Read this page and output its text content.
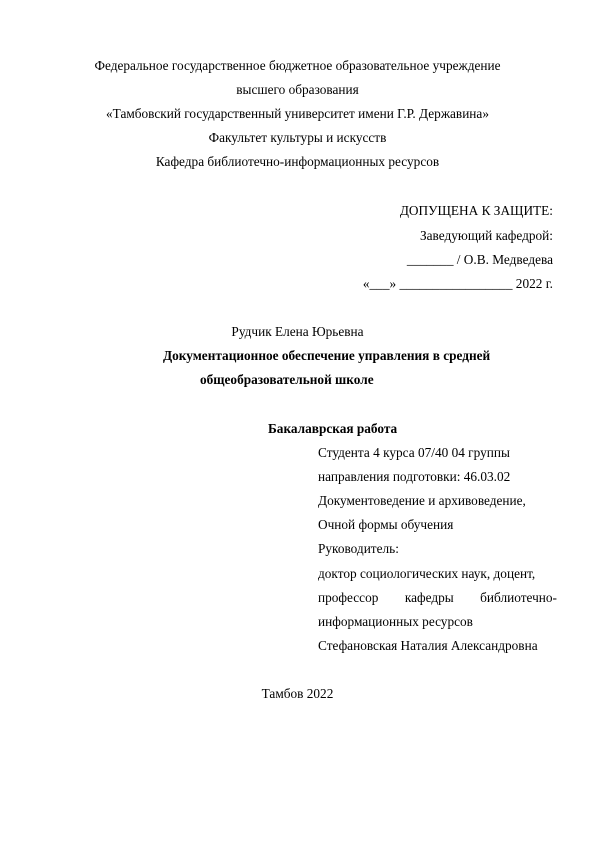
Федеральное государственное бюджетное образовательное учреждение
высшего образования
«Тамбовский государственный университет имени Г.Р. Державина»
Факультет культуры и искусств
Кафедра библиотечно-информационных ресурсов
ДОПУЩЕНА К ЗАЩИТЕ:
Заведующий кафедрой:
_______ / О.В. Медведева
«___» _________________ 2022 г.
Рудчик Елена Юрьевна
Документационное обеспечение управления в средней
общеобразовательной школе
Бакалаврская работа
Студента 4 курса 07/40 04 группы
направления подготовки: 46.03.02
Документоведение и архивоведение,
Очной формы обучения
Руководитель:
доктор социологических наук, доцент,
профессор кафедры библиотечно-
информационных ресурсов
Стефановская Наталия Александровна
Тамбов 2022
